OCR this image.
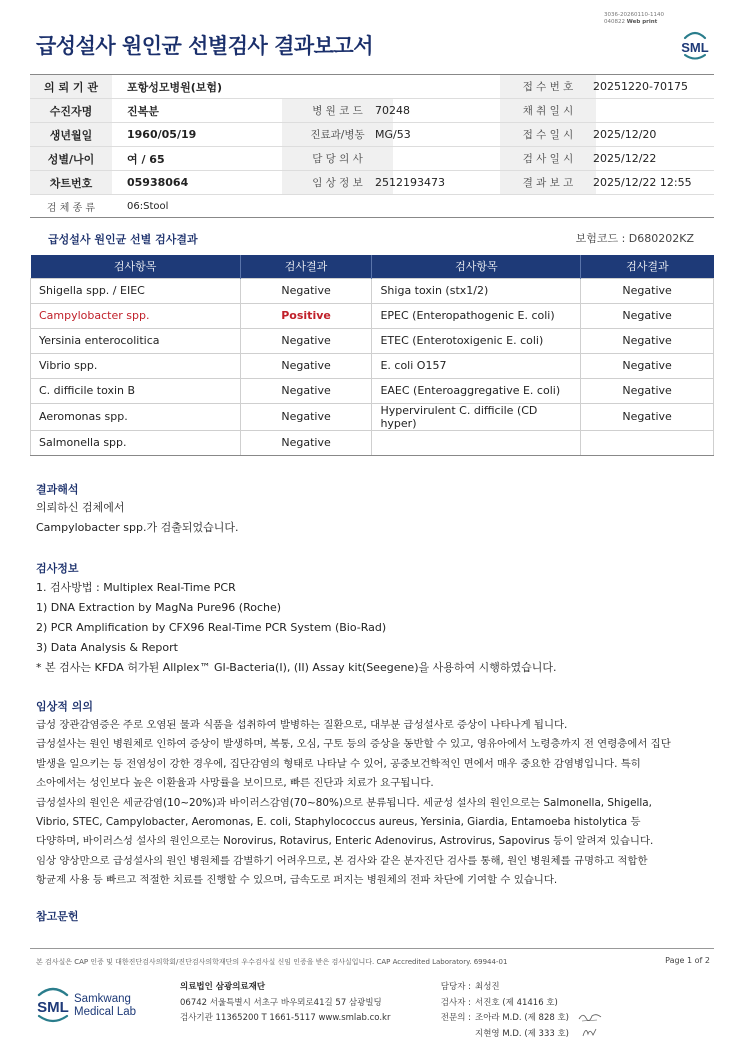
3036-20260110-1140
040822 Web print
급성설사 원인균 선별검사 결과보고서	SML
의 뢰 기 관	포항성모병원(보험)	접 수 번 호	20251220-70175
수진자명	진복분	병 원 코 드	70248	채 취 일 시
생년월일	1960/05/19	진료과/병동 MG/53	접 수 일 시	2025/12/20
성별/나이	여 / 65	담 당 의 사	검 사 일 시	2025/12/22
차트번호	05938064	임 상 정 보	2512193473	결 과 보 고	2025/12/22 12:55
검 체 종 류	06:Stool
급성설사 원인균 선별 검사결과	보험코드 : D680202KZ
검사항목	검사결과	검사항목	검사결과
Shigella spp. / EIEC	Negative	Shiga toxin (stx1/2)	Negative
Campylobacter spp.	Positive	EPEC (Enteropathogenic E. coli)	Negative
Yersinia enterocolitica	Negative	ETEC (Enterotoxigenic E. coli)	Negative
Vibrio spp.	Negative	E. coli O157	Negative
C. difficile toxin B	Negative	EAEC (Enteroaggregative E. coli)	Negative
Aeromonas spp.	Negative	Hypervirulent C. difficile (CD hyper)	Negative
Salmonella spp.	Negative		
결과해석
의뢰하신 검체에서
Campylobacter spp.가 검출되었습니다.
검사정보
1. 검사방법 : Multiplex Real-Time PCR
1) DNA Extraction by MagNa Pure96 (Roche)
2) PCR Amplification by CFX96 Real-Time PCR System (Bio-Rad)
3) Data Analysis & Report
* 본 검사는 KFDA 허가된 Allplex™ GI-Bacteria(I), (II) Assay kit(Seegene)을 사용하여 시행하였습니다.
임상적 의의
급성 장관감염증은 주로 오염된 물과 식품을 섭취하여 발병하는 질환으로, 대부분 급성설사로 증상이 나타나게 됩니다.
급성설사는 원인 병원체로 인하여 증상이 발생하며, 복통, 오심, 구토 등의 증상을 동반할 수 있고, 영유아에서 노령층까지 전 연령층에서 집단
발생을 일으키는 등 전염성이 강한 경우에, 집단감염의 형태로 나타날 수 있어, 공중보건학적인 면에서 매우 중요한 감염병입니다. 특히
소아에서는 성인보다 높은 이환율과 사망률을 보이므로, 빠른 진단과 치료가 요구됩니다.
급성설사의 원인은 세균감염(10~20%)과 바이러스감염(70~80%)으로 분류됩니다. 세균성 설사의 원인으로는 Salmonella, Shigella,
Vibrio, STEC, Campylobacter, Aeromonas, E. coli, Staphylococcus aureus, Yersinia, Giardia, Entamoeba histolytica 등
다양하며, 바이러스성 설사의 원인으로는 Norovirus, Rotavirus, Enteric Adenovirus, Astrovirus, Sapovirus 등이 알려져 있습니다.
임상 양상만으로 급성설사의 원인 병원체를 감별하기 어려우므로, 본 검사와 같은 분자진단 검사를 통해, 원인 병원체를 규명하고 적합한
항균제 사용 등 빠르고 적절한 치료를 진행할 수 있으며, 급속도로 퍼지는 병원체의 전파 차단에 기여할 수 있습니다.
참고문헌
본 검사실은 CAP 인증 및 대한진단검사의학회/진단검사의학재단의 우수검사실 신임 인증을 받은 검사실입니다. CAP Accredited Laboratory. 69944-01	Page 1 of 2
SML Samkwang
Medical Lab
의료법인 삼광의료재단
06742 서울특별시 서초구 바우뫼로41길 57 삼광빌딩
검사기관 11365200 T 1661-5117 www.smlab.co.kr
담당자 : 최성진
검사자 : 서진호 (제 41416 호)
전문의 : 조아라 M.D. (제 828 호)
지현영 M.D. (제 333 호)
